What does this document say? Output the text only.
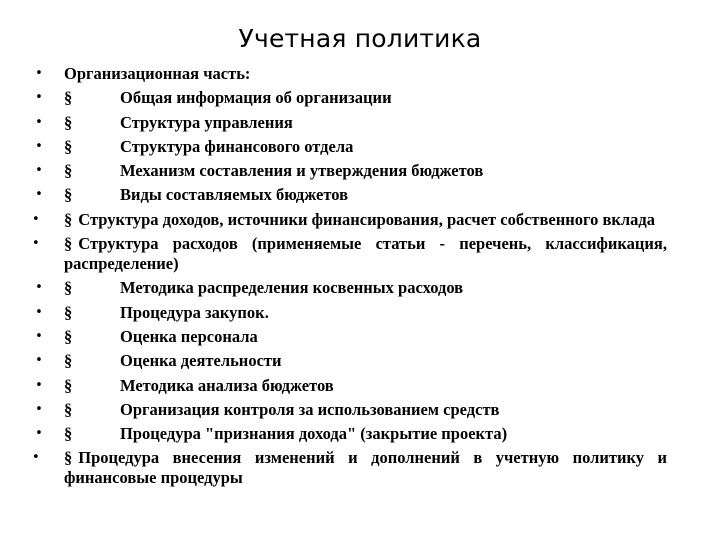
Учетная политика
• Организационная часть:
• §	Общая информация об организации
• §	Структура управления
• §	Структура финансового отдела
• §	Механизм составления и утверждения бюджетов
• §	Виды составляемых бюджетов
•	§ Структура доходов, источники финансирования, расчет собственного вклада
•	§ Структура расходов (применяемые статьи - перечень, классификация, распределение)
• §	Методика распределения косвенных расходов
• §	Процедура закупок.
• §	Оценка персонала
• §	Оценка деятельности
• §	Методика анализа бюджетов
• §	Организация контроля за использованием средств
• §	Процедура "признания дохода" (закрытие проекта)
•	§ Процедура внесения изменений и дополнений в учетную политику и финансовые процедуры
